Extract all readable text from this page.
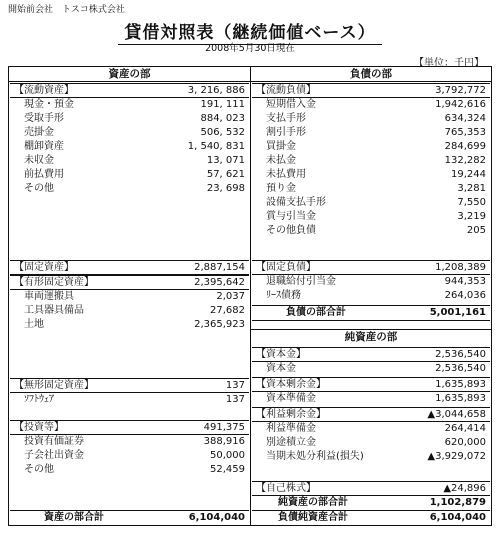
開始前会社　トスコ株式会社
貸借対照表（継続価値ベース）
2008年5月30日現在
【単位：千円】
資産の部	負債の部
【流動資産】	3, 216, 886
現金・預金	191, 111
受取手形	884, 023
売掛金	506, 532
棚卸資産	1, 540, 831
未収金	13, 071
前払費用	57, 621
その他	23, 698
【固定資産】	2,887,154
【有形固定資産】	2,395,642
車両運搬具	2,037
工具器具備品	27,682
土地	2,365,923
【無形固定資産】	137
ｿﾌﾄｳｪｱ	137
【投資等】	491,375
投資有価証券	388,916
子会社出資金	50,000
その他	52,459
資産の部合計	6,104,040
【流動負債】	3,792,772
短期借入金	1,942,616
支払手形	634,324
割引手形	765,353
買掛金	284,699
未払金	132,282
未払費用	19,244
預り金	3,281
設備支払手形	7,550
賞与引当金	3,219
その他負債	205
【固定負債】	1,208,389
退職給付引当金	944,353
ﾘｰｽ債務	264,036
負債の部合計	5,001,161
純資産の部
【資本金】	2,536,540
資本金	2,536,540
【資本剰余金】	1,635,893
資本準備金	1,635,893
【利益剰余金】	▲3,044,658
利益準備金	264,414
別途積立金	620,000
当期未処分利益(損失)	▲3,929,072
【自己株式】	▲24,896
純資産の部合計	1,102,879
負債純資産合計	6,104,040
